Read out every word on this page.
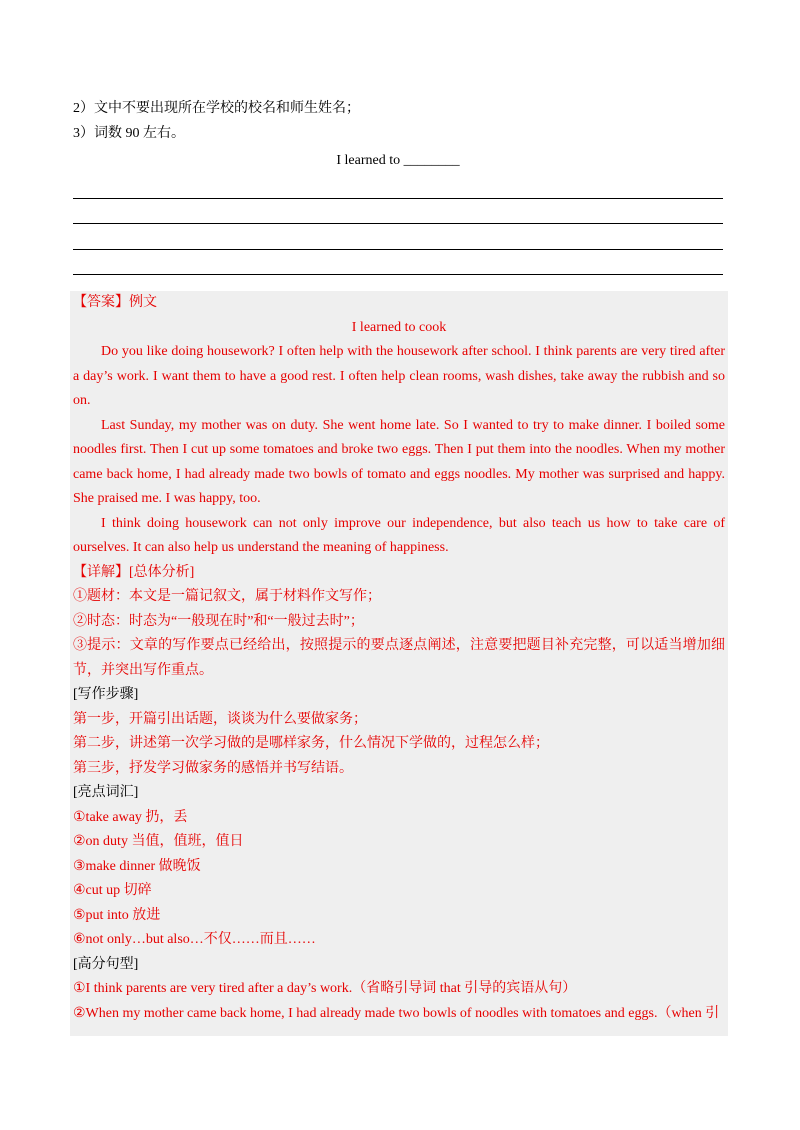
2）文中不要出现所在学校的校名和师生姓名；
3）词数 90 左右。
I learned to ________
【答案】例文
I learned to cook
Do you like doing housework? I often help with the housework after school. I think parents are very tired after a day’s work. I want them to have a good rest. I often help clean rooms, wash dishes, take away the rubbish and so on.
Last Sunday, my mother was on duty. She went home late. So I wanted to try to make dinner. I boiled some noodles first. Then I cut up some tomatoes and broke two eggs. Then I put them into the noodles. When my mother came back home, I had already made two bowls of tomato and eggs noodles. My mother was surprised and happy. She praised me. I was happy, too.
I think doing housework can not only improve our independence, but also teach us how to take care of ourselves. It can also help us understand the meaning of happiness.
【详解】[总体分析]
①题材：本文是一篇记叙文，属于材料作文写作；
②时态：时态为“一般现在时”和“一般过去时”；
③提示：文章的写作要点已经给出，按照提示的要点逐点阐述，注意要把题目补充完整，可以适当增加细节，并突出写作重点。
[写作步骤]
第一步，开篇引出话题，谈谈为什么要做家务；
第二步，讲述第一次学习做的是哪样家务，什么情况下学做的，过程怎么样；
第三步，抒发学习做家务的感悟并书写结语。
[亮点词汇]
①take away 扔，丢
②on duty 当值，值班，值日
③make dinner 做晚饭
④cut up 切碎
⑤put into 放进
⑥not only…but also…不仅……而且……
[高分句型]
①I think parents are very tired after a day’s work.（省略引导词 that 引导的宾语从句）
②When my mother came back home, I had already made two bowls of noodles with tomatoes and eggs.（when 引
